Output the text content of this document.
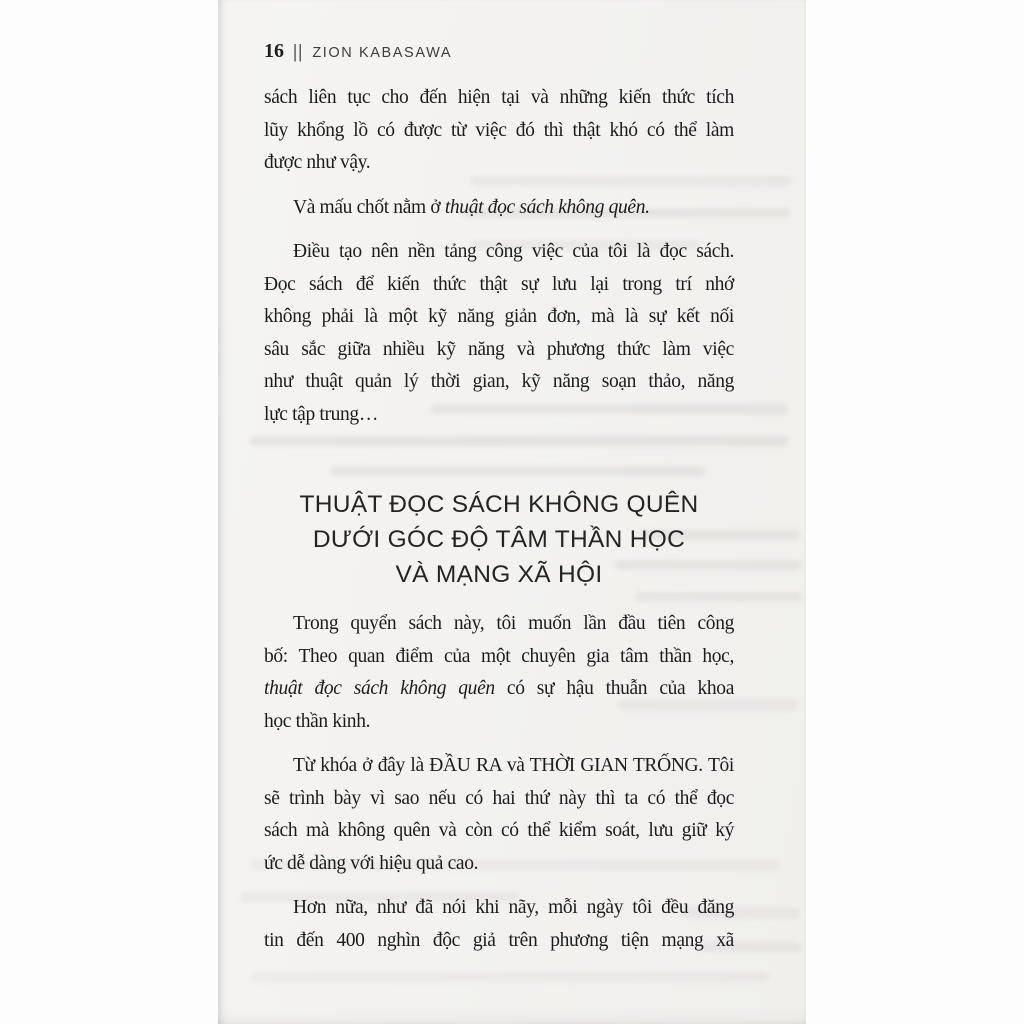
16 || ZION KABASAWA
sách liên tục cho đến hiện tại và những kiến thức tích
lũy khổng lồ có được từ việc đó thì thật khó có thể làm
được như vậy.
Và mấu chốt nằm ở thuật đọc sách không quên.
Điều tạo nên nền tảng công việc của tôi là đọc sách.
Đọc sách để kiến thức thật sự lưu lại trong trí nhớ
không phải là một kỹ năng giản đơn, mà là sự kết nối
sâu sắc giữa nhiều kỹ năng và phương thức làm việc
như thuật quản lý thời gian, kỹ năng soạn thảo, năng
lực tập trung…
THUẬT ĐỌC SÁCH KHÔNG QUÊN
DƯỚI GÓC ĐỘ TÂM THẦN HỌC
VÀ MẠNG XÃ HỘI
Trong quyển sách này, tôi muốn lần đầu tiên công
bố: Theo quan điểm của một chuyên gia tâm thần học,
thuật đọc sách không quên có sự hậu thuẫn của khoa
học thần kinh.
Từ khóa ở đây là ĐẦU RA và THỜI GIAN TRỐNG. Tôi
sẽ trình bày vì sao nếu có hai thứ này thì ta có thể đọc
sách mà không quên và còn có thể kiểm soát, lưu giữ ký
ức dễ dàng với hiệu quả cao.
Hơn nữa, như đã nói khi nãy, mỗi ngày tôi đều đăng
tin đến 400 nghìn độc giả trên phương tiện mạng xã
